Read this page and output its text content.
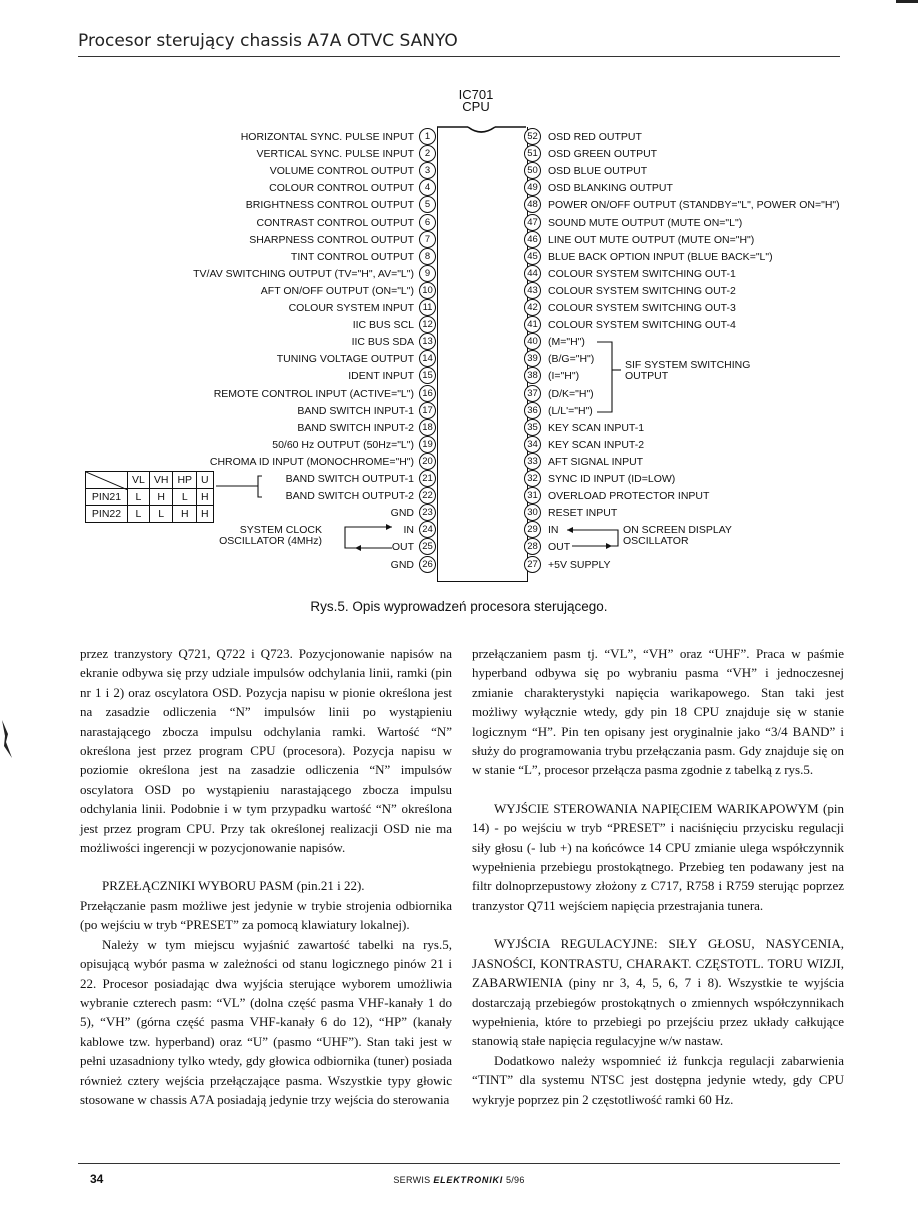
Procesor sterujący chassis A7A OTVC SANYO
IC701
CPU
1
HORIZONTAL SYNC. PULSE INPUT
2
VERTICAL SYNC. PULSE INPUT
3
VOLUME CONTROL OUTPUT
4
COLOUR CONTROL OUTPUT
5
BRIGHTNESS CONTROL OUTPUT
6
CONTRAST CONTROL OUTPUT
7
SHARPNESS CONTROL OUTPUT
8
TINT CONTROL OUTPUT
9
TV/AV SWITCHING OUTPUT (TV="H", AV="L")
10
AFT ON/OFF OUTPUT (ON="L")
11
COLOUR SYSTEM INPUT
12
IIC BUS SCL
13
IIC BUS SDA
14
TUNING VOLTAGE OUTPUT
15
IDENT INPUT
16
REMOTE CONTROL INPUT (ACTIVE="L")
17
BAND SWITCH INPUT-1
18
BAND SWITCH INPUT-2
19
50/60 Hz OUTPUT (50Hz="L")
20
CHROMA ID INPUT (MONOCHROME="H")
21
BAND SWITCH OUTPUT-1
22
BAND SWITCH OUTPUT-2
23
GND
24
IN
25
OUT
26
GND
52 OSD RED OUTPUT
51 OSD GREEN OUTPUT
50 OSD BLUE OUTPUT
49 OSD BLANKING OUTPUT
48 POWER ON/OFF OUTPUT (STANDBY="L", POWER ON="H")
47 SOUND MUTE OUTPUT (MUTE ON="L")
46 LINE OUT MUTE OUTPUT (MUTE ON="H")
45 BLUE BACK OPTION INPUT (BLUE BACK="L")
44 COLOUR SYSTEM SWITCHING OUT-1
43 COLOUR SYSTEM SWITCHING OUT-2
42 COLOUR SYSTEM SWITCHING OUT-3
41 COLOUR SYSTEM SWITCHING OUT-4
40 (M="H")
39 (B/G="H")
38 (I="H")
37 (D/K="H")
36 (L/L'="H")
35 KEY SCAN INPUT-1
34 KEY SCAN INPUT-2
33 AFT SIGNAL INPUT
32 SYNC ID INPUT (ID=LOW)
31 OVERLOAD PROTECTOR INPUT
30 RESET INPUT
29 IN
28 OUT
27 +5V SUPPLY
SIF SYSTEM SWITCHING
OUTPUT
SYSTEM CLOCK
OSCILLATOR (4MHz)
ON SCREEN DISPLAY
OSCILLATOR
	VL	VH	HP	U
PIN21	L	H	L	H
PIN22	L	L	H	H
Rys.5. Opis wyprowadzeń procesora sterującego.

przez tranzystory Q721, Q722 i Q723. Pozycjonowanie napisów na ekranie odbywa się przy udziale impulsów odchylania linii, ramki (pin nr 1 i 2) oraz oscylatora OSD. Pozycja napisu w pionie określona jest na zasadzie odliczenia “N” impulsów linii po wystąpieniu narastającego zbocza impulsu odchylania ramki. Wartość “N” określona jest przez program CPU (procesora). Pozycja napisu w poziomie określona jest na zasadzie odliczenia “N” impulsów oscylatora OSD po wystąpieniu narastającego zbocza impulsu odchylania linii. Podobnie i w tym przypadku wartość “N” określona jest przez program CPU. Przy tak określonej realizacji OSD nie ma możliwości ingerencji w pozycjonowanie napisów.

PRZEŁĄCZNIKI WYBORU PASM (pin.21 i 22).

Przełączanie pasm możliwe jest jedynie w trybie strojenia odbiornika (po wejściu w tryb “PRESET” za pomocą klawiatury lokalnej).

Należy w tym miejscu wyjaśnić zawartość tabelki na rys.5, opisującą wybór pasma w zależności od stanu logicznego pinów 21 i 22. Procesor posiadając dwa wyjścia sterujące wyborem umożliwia wybranie czterech pasm: “VL” (dolna część pasma VHF-kanały 1 do 5), “VH” (górna część pasma VHF-kanały 6 do 12), “HP” (kanały kablowe tzw. hyperband) oraz “U” (pasmo “UHF”). Stan taki jest w pełni uzasadniony tylko wtedy, gdy głowica odbiornika (tuner) posiada również cztery wejścia przełączające pasma. Wszystkie typy głowic stosowane w chassis A7A posiadają jedynie trzy wejścia do sterowania

przełączaniem pasm tj. “VL”, “VH” oraz “UHF”. Praca w paśmie hyperband odbywa się po wybraniu pasma “VH” i jednoczesnej zmianie charakterystyki napięcia warikapowego. Stan taki jest możliwy wyłącznie wtedy, gdy pin 18 CPU znajduje się w stanie logicznym “H”. Pin ten opisany jest oryginalnie jako “3/4 BAND” i służy do programowania trybu przełączania pasm. Gdy znajduje się on w stanie “L”, procesor przełącza pasma zgodnie z tabelką z rys.5.

WYJŚCIE STEROWANIA NAPIĘCIEM WARIKAPOWYM (pin 14) - po wejściu w tryb “PRESET” i naciśnięciu przycisku regulacji siły głosu (- lub +) na końcówce 14 CPU zmianie ulega współczynnik wypełnienia przebiegu prostokątnego. Przebieg ten podawany jest na filtr dolnoprzepustowy złożony z C717, R758 i R759 sterując poprzez tranzystor Q711 wejściem napięcia przestrajania tunera.

WYJŚCIA REGULACYJNE: SIŁY GŁOSU, NASYCENIA, JASNOŚCI, KONTRASTU, CHARAKT. CZĘSTOTL. TORU WIZJI, ZABARWIENIA (piny nr 3, 4, 5, 6, 7 i 8). Wszystkie te wyjścia dostarczają przebiegów prostokątnych o zmiennych współczynnikach wypełnienia, które to przebiegi po przejściu przez układy całkujące stanowią stałe napięcia regulacyjne w/w nastaw.

Dodatkowo należy wspomnieć iż funkcja regulacji zabarwienia “TINT” dla systemu NTSC jest dostępna jedynie wtedy, gdy CPU wykryje poprzez pin 2 częstotliwość ramki 60 Hz.

34	SERWIS ELEKTRONIKI 5/96
